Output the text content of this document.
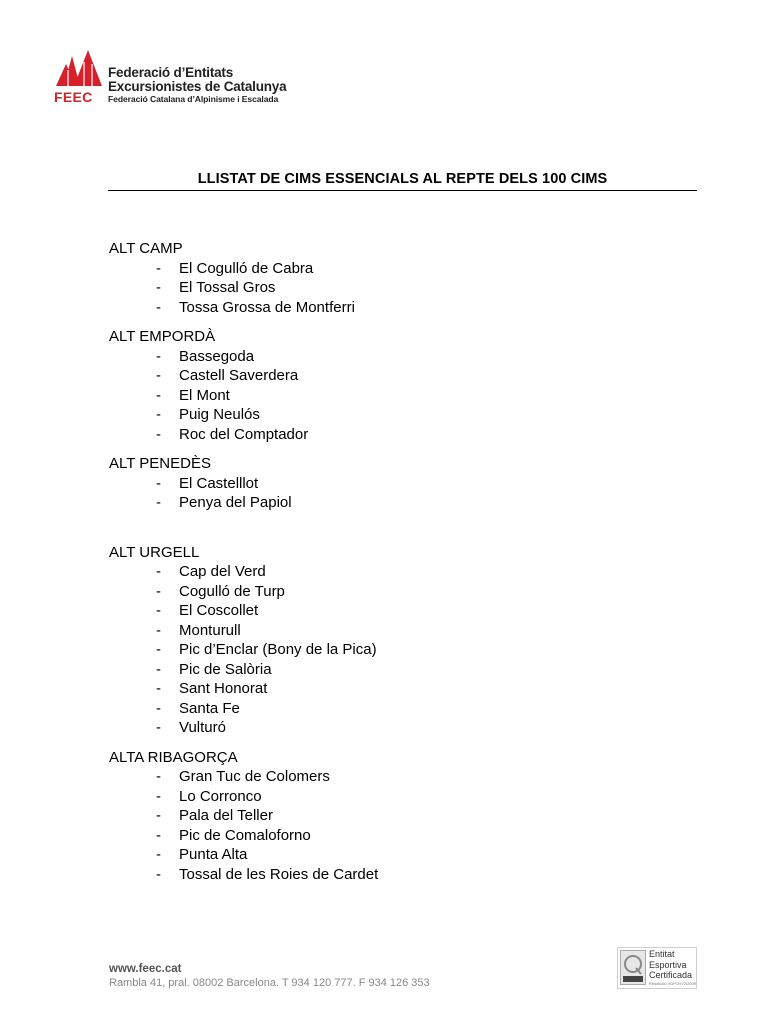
FEEC
Federació d’Entitats
Excursionistes de Catalunya
Federació Catalana d’Alpinisme i Escalada
LLISTAT DE CIMS ESSENCIALS AL REPTE DELS 100 CIMS
ALT CAMP
- El Cogulló de Cabra
- El Tossal Gros
- Tossa Grossa de Montferri
ALT EMPORDÀ
- Bassegoda
- Castell Saverdera
- El Mont
- Puig Neulós
- Roc del Comptador
ALT PENEDÈS
- El Castelllot
- Penya del Papiol
ALT URGELL
- Cap del Verd
- Cogulló de Turp
- El Coscollet
- Monturull
- Pic d’Enclar (Bony de la Pica)
- Pic de Salòria
- Sant Honorat
- Santa Fe
- Vulturó
ALTA RIBAGORÇA
- Gran Tuc de Colomers
- Lo Corronco
- Pala del Teller
- Pic de Comaloforno
- Punta Alta
- Tossal de les Roies de Cardet
www.feec.cat
Rambla 41, pral. 08002 Barcelona. T 934 120 777. F 934 126 353
Entitat
Esportiva
Certificada
Resolució VDP/2972/2009
